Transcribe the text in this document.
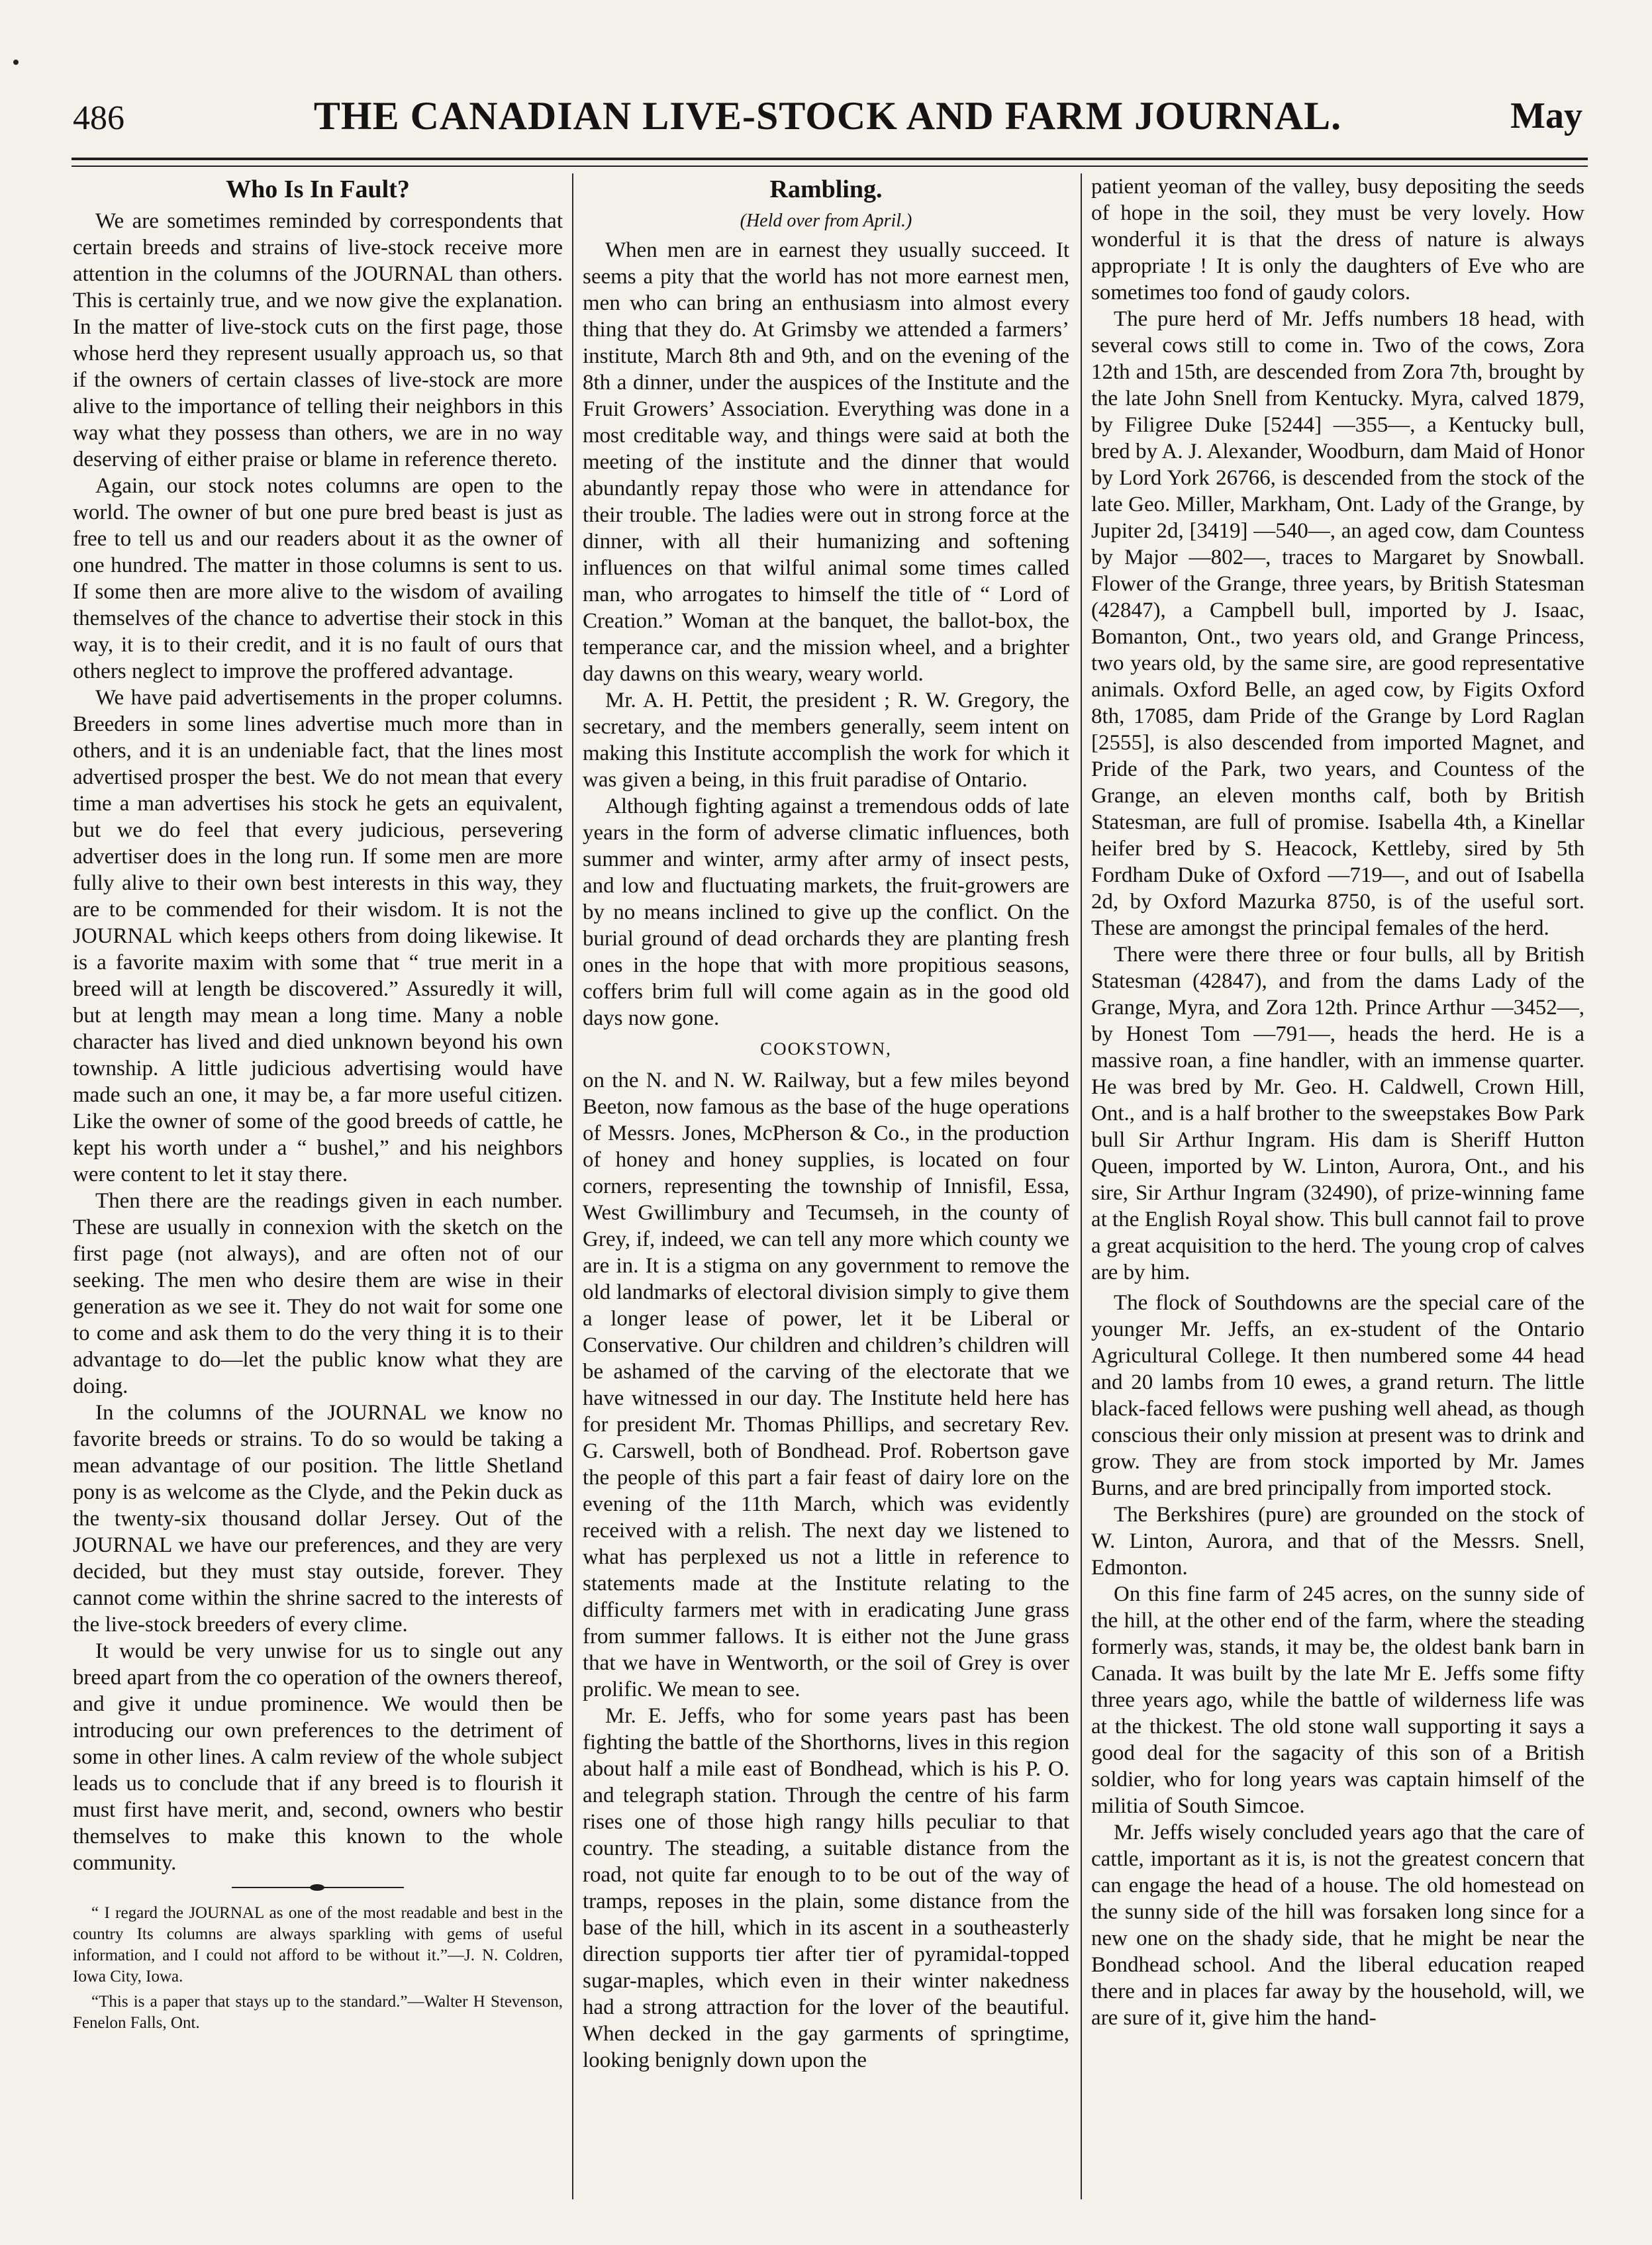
486	THE CANADIAN LIVE-STOCK AND FARM JOURNAL.	May
Who Is In Fault?

We are sometimes reminded by correspondents that certain breeds and strains of live-stock receive more attention in the columns of the JOURNAL than others. This is certainly true, and we now give the explanation. In the matter of live-stock cuts on the first page, those whose herd they represent usually approach us, so that if the owners of certain classes of live-stock are more alive to the importance of telling their neighbors in this way what they possess than others, we are in no way deserving of either praise or blame in reference thereto.

Again, our stock notes columns are open to the world. The owner of but one pure bred beast is just as free to tell us and our readers about it as the owner of one hundred. The matter in those columns is sent to us. If some then are more alive to the wisdom of availing themselves of the chance to advertise their stock in this way, it is to their credit, and it is no fault of ours that others neglect to improve the proffered advantage.

We have paid advertisements in the proper columns. Breeders in some lines advertise much more than in others, and it is an undeniable fact, that the lines most advertised prosper the best. We do not mean that every time a man advertises his stock he gets an equivalent, but we do feel that every judicious, persevering advertiser does in the long run. If some men are more fully alive to their own best interests in this way, they are to be commended for their wisdom. It is not the JOURNAL which keeps others from doing likewise. It is a favorite maxim with some that “ true merit in a breed will at length be discovered.” Assuredly it will, but at length may mean a long time. Many a noble character has lived and died unknown beyond his own township. A little judicious advertising would have made such an one, it may be, a far more useful citizen. Like the owner of some of the good breeds of cattle, he kept his worth under a “ bushel,” and his neighbors were content to let it stay there.

Then there are the readings given in each number. These are usually in connexion with the sketch on the first page (not always), and are often not of our seeking. The men who desire them are wise in their generation as we see it. They do not wait for some one to come and ask them to do the very thing it is to their advantage to do—let the public know what they are doing.

In the columns of the JOURNAL we know no favorite breeds or strains. To do so would be taking a mean advantage of our position. The little Shetland pony is as welcome as the Clyde, and the Pekin duck as the twenty-six thousand dollar Jersey. Out of the JOURNAL we have our preferences, and they are very decided, but they must stay outside, forever. They cannot come within the shrine sacred to the interests of the live-stock breeders of every clime.

It would be very unwise for us to single out any breed apart from the co operation of the owners thereof, and give it undue prominence. We would then be introducing our own preferences to the detriment of some in other lines. A calm review of the whole subject leads us to conclude that if any breed is to flourish it must first have merit, and, second, owners who bestir themselves to make this known to the whole community.

“ I regard the JOURNAL as one of the most readable and best in the country Its columns are always sparkling with gems of useful information, and I could not afford to be without it.”—J. N. Coldren, Iowa City, Iowa.

“This is a paper that stays up to the standard.”—Walter H Stevenson, Fenelon Falls, Ont.

Rambling.

(Held over from April.)

When men are in earnest they usually succeed. It seems a pity that the world has not more earnest men, men who can bring an enthusiasm into almost every thing that they do. At Grimsby we attended a farmers’ institute, March 8th and 9th, and on the evening of the 8th a dinner, under the auspices of the Institute and the Fruit Growers’ Association. Everything was done in a most creditable way, and things were said at both the meeting of the institute and the dinner that would abundantly repay those who were in attendance for their trouble. The ladies were out in strong force at the dinner, with all their humanizing and softening influences on that wilful animal some times called man, who arrogates to himself the title of “ Lord of Creation.” Woman at the banquet, the ballot-box, the temperance car, and the mission wheel, and a brighter day dawns on this weary, weary world.

Mr. A. H. Pettit, the president ; R. W. Gregory, the secretary, and the members generally, seem intent on making this Institute accomplish the work for which it was given a being, in this fruit paradise of Ontario.

Although fighting against a tremendous odds of late years in the form of adverse climatic influences, both summer and winter, army after army of insect pests, and low and fluctuating markets, the fruit-growers are by no means inclined to give up the conflict. On the burial ground of dead orchards they are planting fresh ones in the hope that with more propitious seasons, coffers brim full will come again as in the good old days now gone.

COOKSTOWN,

on the N. and N. W. Railway, but a few miles beyond Beeton, now famous as the base of the huge operations of Messrs. Jones, McPherson & Co., in the production of honey and honey supplies, is located on four corners, representing the township of Innisfil, Essa, West Gwillimbury and Tecumseh, in the county of Grey, if, indeed, we can tell any more which county we are in. It is a stigma on any government to remove the old landmarks of electoral division simply to give them a longer lease of power, let it be Liberal or Conservative. Our children and children’s children will be ashamed of the carving of the electorate that we have witnessed in our day. The Institute held here has for president Mr. Thomas Phillips, and secretary Rev. G. Carswell, both of Bondhead. Prof. Robertson gave the people of this part a fair feast of dairy lore on the evening of the 11th March, which was evidently received with a relish. The next day we listened to what has perplexed us not a little in reference to statements made at the Institute relating to the difficulty farmers met with in eradicating June grass from summer fallows. It is either not the June grass that we have in Wentworth, or the soil of Grey is over prolific. We mean to see.

Mr. E. Jeffs, who for some years past has been fighting the battle of the Shorthorns, lives in this region about half a mile east of Bondhead, which is his P. O. and telegraph station. Through the centre of his farm rises one of those high rangy hills peculiar to that country. The steading, a suitable distance from the road, not quite far enough to to be out of the way of tramps, reposes in the plain, some distance from the base of the hill, which in its ascent in a southeasterly direction supports tier after tier of pyramidal-topped sugar-maples, which even in their winter nakedness had a strong attraction for the lover of the beautiful. When decked in the gay garments of springtime, looking benignly down upon the

patient yeoman of the valley, busy depositing the seeds of hope in the soil, they must be very lovely. How wonderful it is that the dress of nature is always appropriate ! It is only the daughters of Eve who are sometimes too fond of gaudy colors.

The pure herd of Mr. Jeffs numbers 18 head, with several cows still to come in. Two of the cows, Zora 12th and 15th, are descended from Zora 7th, brought by the late John Snell from Kentucky. Myra, calved 1879, by Filigree Duke [5244] —355—, a Kentucky bull, bred by A. J. Alexander, Woodburn, dam Maid of Honor by Lord York 26766, is descended from the stock of the late Geo. Miller, Markham, Ont. Lady of the Grange, by Jupiter 2d, [3419] —540—, an aged cow, dam Countess by Major —802—, traces to Margaret by Snowball. Flower of the Grange, three years, by British Statesman (42847), a Campbell bull, imported by J. Isaac, Bomanton, Ont., two years old, and Grange Princess, two years old, by the same sire, are good representative animals. Oxford Belle, an aged cow, by Figits Oxford 8th, 17085, dam Pride of the Grange by Lord Raglan [2555], is also descended from imported Magnet, and Pride of the Park, two years, and Countess of the Grange, an eleven months calf, both by British Statesman, are full of promise. Isabella 4th, a Kinellar heifer bred by S. Heacock, Kettleby, sired by 5th Fordham Duke of Oxford —719—, and out of Isabella 2d, by Oxford Mazurka 8750, is of the useful sort. These are amongst the principal females of the herd.

There were there three or four bulls, all by British Statesman (42847), and from the dams Lady of the Grange, Myra, and Zora 12th. Prince Arthur —3452—, by Honest Tom —791—, heads the herd. He is a massive roan, a fine handler, with an immense quarter. He was bred by Mr. Geo. H. Caldwell, Crown Hill, Ont., and is a half brother to the sweepstakes Bow Park bull Sir Arthur Ingram. His dam is Sheriff Hutton Queen, imported by W. Linton, Aurora, Ont., and his sire, Sir Arthur Ingram (32490), of prize-winning fame at the English Royal show. This bull cannot fail to prove a great acquisition to the herd. The young crop of calves are by him.

The flock of Southdowns are the special care of the younger Mr. Jeffs, an ex-student of the Ontario Agricultural College. It then numbered some 44 head and 20 lambs from 10 ewes, a grand return. The little black-faced fellows were pushing well ahead, as though conscious their only mission at present was to drink and grow. They are from stock imported by Mr. James Burns, and are bred principally from imported stock.

The Berkshires (pure) are grounded on the stock of W. Linton, Aurora, and that of the Messrs. Snell, Edmonton.

On this fine farm of 245 acres, on the sunny side of the hill, at the other end of the farm, where the steading formerly was, stands, it may be, the oldest bank barn in Canada. It was built by the late Mr E. Jeffs some fifty three years ago, while the battle of wilderness life was at the thickest. The old stone wall supporting it says a good deal for the sagacity of this son of a British soldier, who for long years was captain himself of the militia of South Simcoe.

Mr. Jeffs wisely concluded years ago that the care of cattle, important as it is, is not the greatest concern that can engage the head of a house. The old homestead on the sunny side of the hill was forsaken long since for a new one on the shady side, that he might be near the Bondhead school. And the liberal education reaped there and in places far away by the household, will, we are sure of it, give him the hand-
